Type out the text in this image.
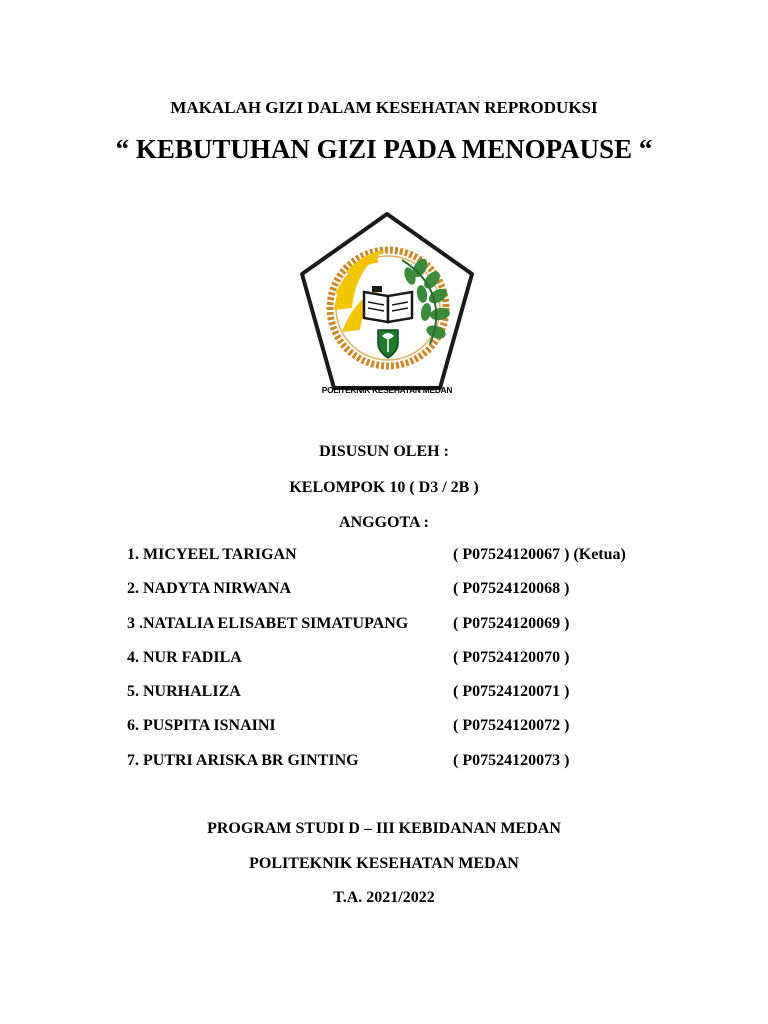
MAKALAH GIZI DALAM KESEHATAN REPRODUKSI
“ KEBUTUHAN GIZI PADA MENOPAUSE “
POLITEKNIK KESEHATAN MEDAN
DISUSUN OLEH :
KELOMPOK 10 ( D3 / 2B )
ANGGOTA :
1. MICYEEL TARIGAN	( P07524120067 ) (Ketua)
2. NADYTA NIRWANA	( P07524120068 )
3 .NATALIA ELISABET SIMATUPANG	( P07524120069 )
4. NUR FADILA	( P07524120070 )
5. NURHALIZA	( P07524120071 )
6. PUSPITA ISNAINI	( P07524120072 )
7. PUTRI ARISKA BR GINTING	( P07524120073 )
PROGRAM STUDI D – III KEBIDANAN MEDAN
POLITEKNIK KESEHATAN MEDAN
T.A. 2021/2022
